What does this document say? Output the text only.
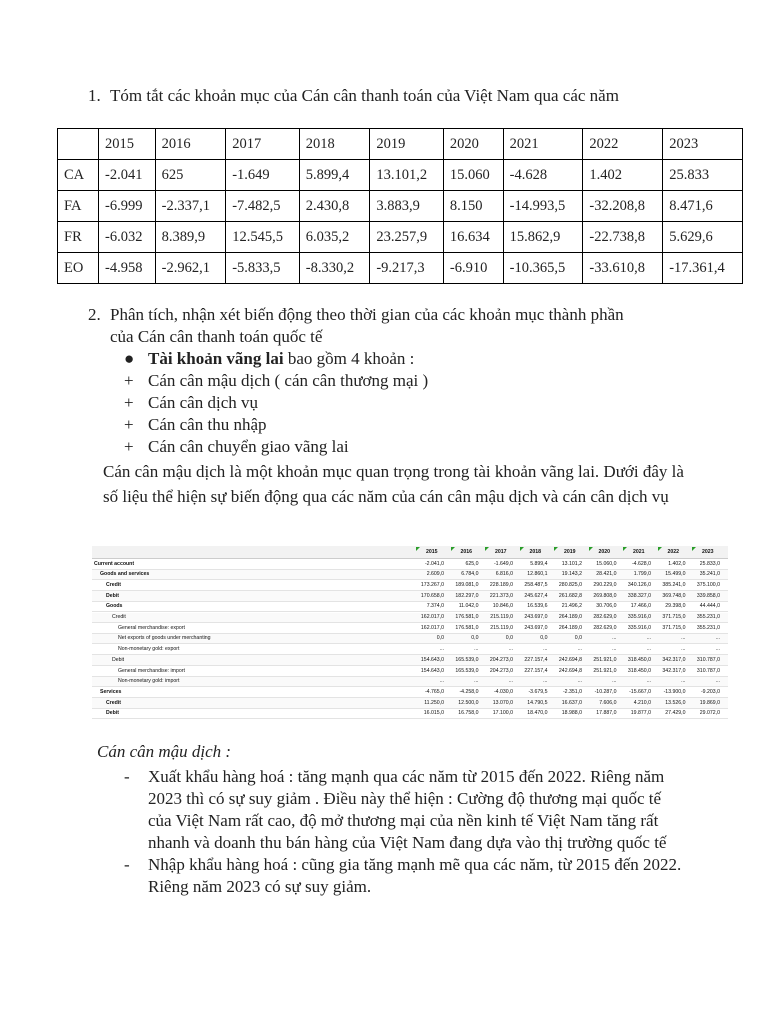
1. Tóm tắt các khoản mục của Cán cân thanh toán của Việt Nam qua các năm
	2015	2016	2017	2018	2019	2020	2021	2022	2023
CA	-2.041	625	-1.649	5.899,4	13.101,2	15.060	-4.628	1.402	25.833
FA	-6.999	-2.337,1	-7.482,5	2.430,8	3.883,9	8.150	-14.993,5	-32.208,8	8.471,6
FR	-6.032	8.389,9	12.545,5	6.035,2	23.257,9	16.634	15.862,9	-22.738,8	5.629,6
EO	-4.958	-2.962,1	-5.833,5	-8.330,2	-9.217,3	-6.910	-10.365,5	-33.610,8	-17.361,4
2. Phân tích, nhận xét biến động theo thời gian của các khoản mục thành phần
của Cán cân thanh toán quốc tế
● Tài khoản vãng lai bao gồm 4 khoản :
+ Cán cân mậu dịch ( cán cân thương mại )
+ Cán cân dịch vụ
+ Cán cân thu nhập
+ Cán cân chuyển giao vãng lai
Cán cân mậu dịch là một khoản mục quan trọng trong tài khoản vãng lai. Dưới đây là số liệu thể hiện sự biến động qua các năm của cán cân mậu dịch và cán cân dịch vụ
2015	2016	2017	2018	2019	2020	2021	2022	2023
Current account	-2.041,0	625,0	-1.649,0	5.899,4	13.101,2	15.060,0	-4.628,0	1.402,0	25.833,0
Goods and services	2.609,0	6.784,0	6.816,0	12.860,1	19.143,2	28.421,0	1.799,0	15.499,0	35.241,0
Credit	173.267,0	189.081,0	228.189,0	258.487,5	280.825,0	290.229,0	340.126,0	385.241,0	375.100,0
Debit	170.658,0	182.297,0	221.373,0	245.627,4	261.682,8	269.808,0	338.327,0	369.748,0	339.858,0
Goods	7.374,0	11.042,0	10.846,0	16.539,6	21.496,2	30.706,0	17.466,0	29.398,0	44.444,0
Credit	162.017,0	176.581,0	215.119,0	243.697,0	264.189,0	282.629,0	335.916,0	371.715,0	355.231,0
General merchandise: export	162.017,0	176.581,0	215.119,0	243.697,0	264.189,0	282.629,0	335.916,0	371.715,0	355.231,0
Net exports of goods under merchanting	0,0	0,0	0,0	0,0	0,0	...	...	...	...
Non-monetary gold: export	...	...	...	...	...	...	...	...	...
Debit	154.643,0	165.539,0	204.273,0	227.157,4	242.694,8	251.921,0	318.450,0	342.317,0	310.787,0
General merchandise: import	154.643,0	165.539,0	204.273,0	227.157,4	242.694,8	251.921,0	318.450,0	342.317,0	310.787,0
Non-monetary gold: import	...	...	...	...	...	...	...	...	...
Services	-4.765,0	-4.258,0	-4.030,0	-3.679,5	-2.351,0	-10.287,0	-15.667,0	-13.900,0	-9.203,0
Credit	11.250,0	12.500,0	13.070,0	14.790,5	16.637,0	7.606,0	4.210,0	13.526,0	19.869,0
Debit	16.015,0	16.758,0	17.100,0	18.470,0	18.988,0	17.887,0	19.877,0	27.429,0	29.072,0
Cán cân mậu dịch :
-	Xuất khẩu hàng hoá : tăng mạnh qua các năm từ 2015 đến 2022. Riêng năm 2023 thì có sự suy giảm . Điều này thể hiện : Cường độ thương mại quốc tế của Việt Nam rất cao, độ mở thương mại của nền kinh tế Việt Nam tăng rất nhanh và doanh thu bán hàng của Việt Nam đang dựa vào thị trường quốc tế
-	Nhập khẩu hàng hoá : cũng gia tăng mạnh mẽ qua các năm, từ 2015 đến 2022. Riêng năm 2023 có sự suy giảm.
